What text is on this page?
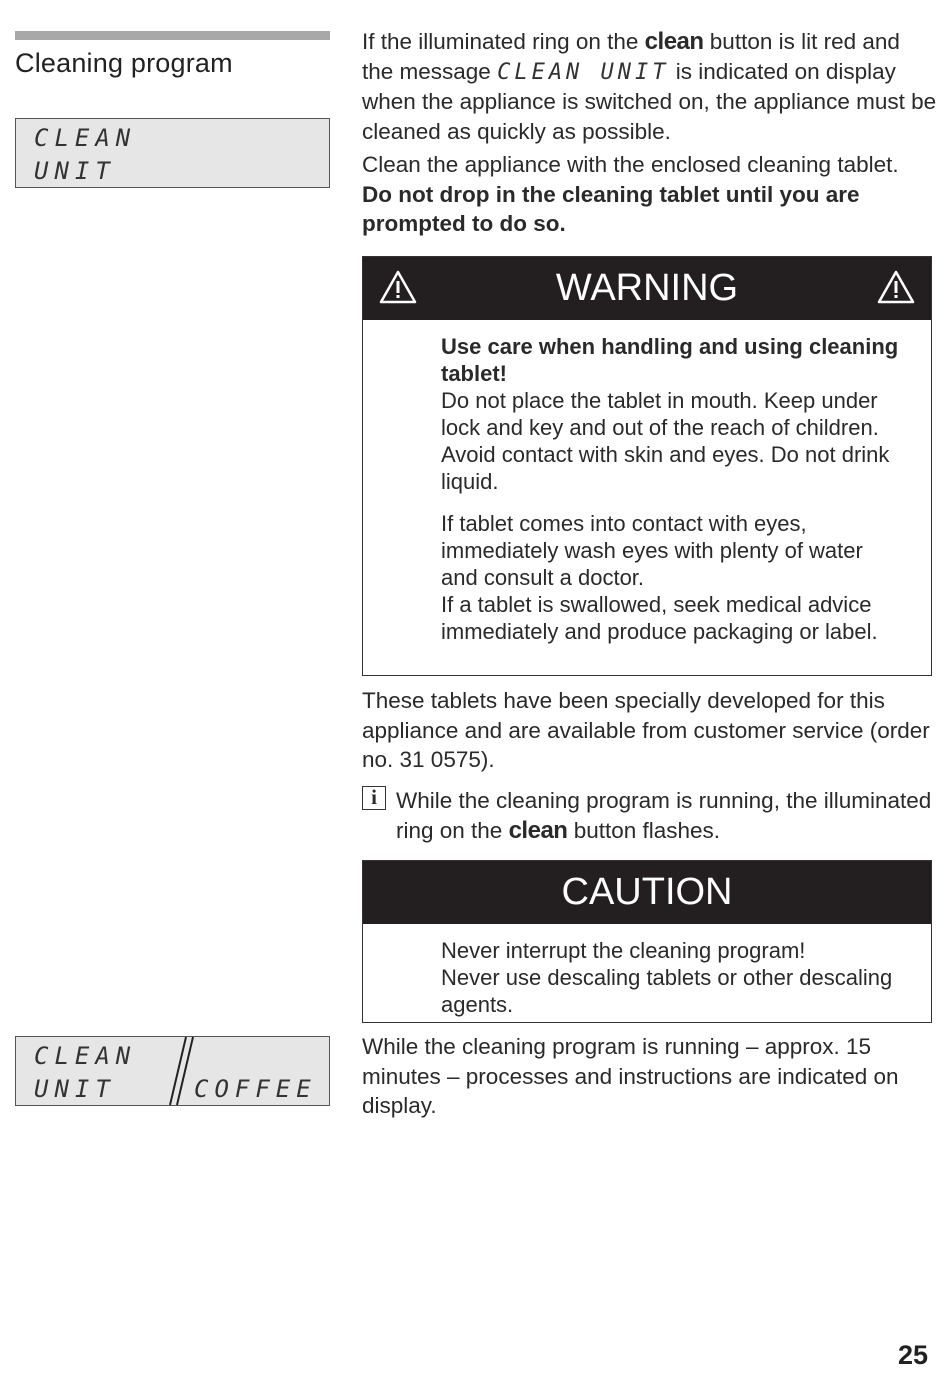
Cleaning program
CLEAN
UNIT
CLEAN
UNIT	COFFEE

If the illuminated ring on the clean button is lit red and the message CLEAN UNIT is indicated on display when the appliance is switched on, the appliance must be cleaned as quickly as possible.

Clean the appliance with the enclosed cleaning tablet.
Do not drop in the cleaning tablet until you are prompted to do so.

WARNING
Use care when handling and using cleaning tablet!
Do not place the tablet in mouth. Keep under lock and key and out of the reach of children. Avoid contact with skin and eyes. Do not drink liquid.
If tablet comes into contact with eyes, immediately wash eyes with plenty of water and consult a doctor.
If a tablet is swallowed, seek medical advice immediately and produce packaging or label.

These tablets have been specially developed for this appliance and are available from customer service (order no. 31 0575).

i While the cleaning program is running, the illuminated ring on the clean button flashes.
CAUTION
Never interrupt the cleaning program!
Never use descaling tablets or other descaling agents.

While the cleaning program is running – approx. 15 minutes – processes and instructions are indicated on display.

25
